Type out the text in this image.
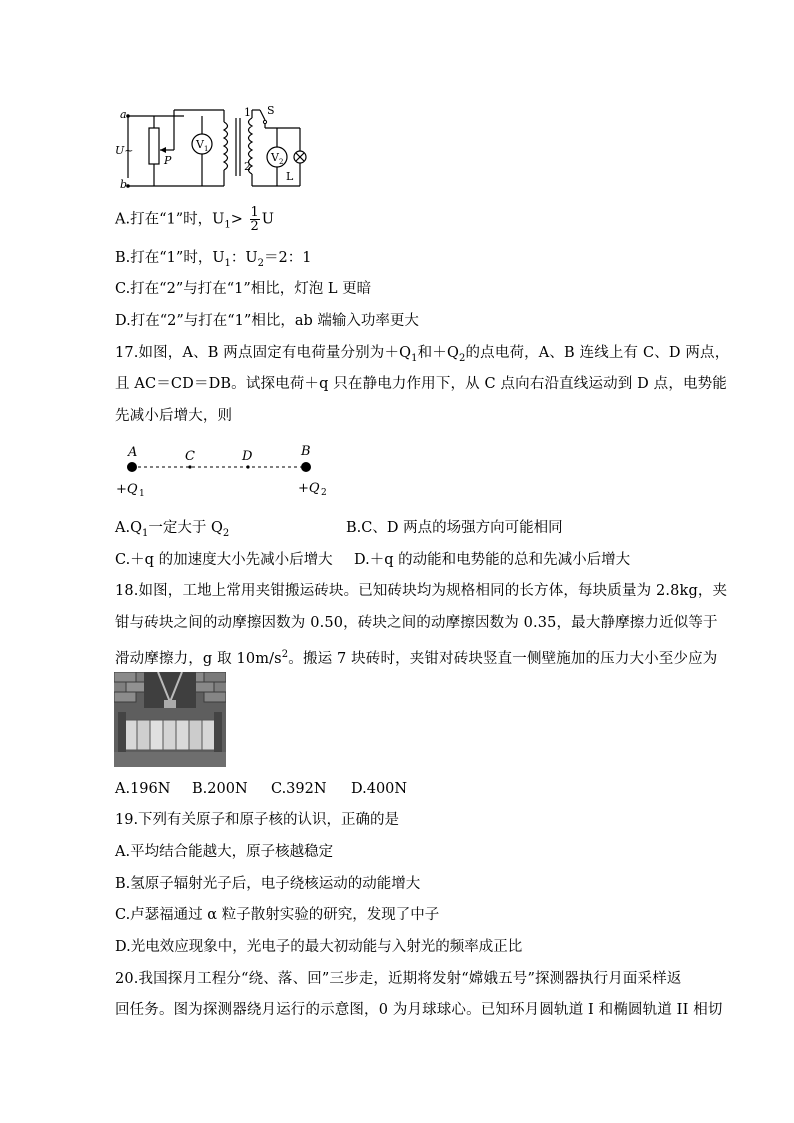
a
U~
b
P
V 1
1 S
2
V 2
L
A.打在“1”时，$U_1> \frac{1}{2}$ U
B.打在“1”时，$U_1$：$U_2=2$：1
C.打在“2”与打在“1”相比，灯泡 L 更暗
D.打在“2”与打在“1”相比，ab 端输入功率更大
17.如图，A、B 两点固定有电荷量分别为$+Q_1$和$+Q_2$的点电荷，A、B 连线上有 C、D 两点，
且 AC＝CD＝DB。试探电荷＋q 只在静电力作用下，从 C 点向右沿直线运动到 D 点，电势能
先减小后增大，则
A	C	D	B
+Q 1	+Q 2
$A.Q_1$一定大于 $Q_2$	B.C、D 两点的场强方向可能相同
C.＋q 的加速度大小先减小后增大 D.＋q 的动能和电势能的总和先减小后增大
18.如图，工地上常用夹钳搬运砖块。已知砖块均为规格相同的长方体，每块质量为 2.8kg，夹
钳与砖块之间的动摩擦因数为 0.50，砖块之间的动摩擦因数为 0.35，最大静摩擦力近似等于
滑动摩擦力，g 取 $10m/s^2$。搬运 7 块砖时，夹钳对砖块竖直一侧壁施加的压力大小至少应为
A.196N B.200N C.392N D.400N
19.下列有关原子和原子核的认识，正确的是
A.平均结合能越大，原子核越稳定
B.氢原子辐射光子后，电子绕核运动的动能增大
C.卢瑟福通过 α 粒子散射实验的研究，发现了中子
D.光电效应现象中，光电子的最大初动能与入射光的频率成正比
20.我国探月工程分“绕、落、回”三步走，近期将发射“嫦娥五号”探测器执行月面采样返
回任务。图为探测器绕月运行的示意图，0 为月球球心。已知环月圆轨道 I 和椭圆轨道 II 相切
